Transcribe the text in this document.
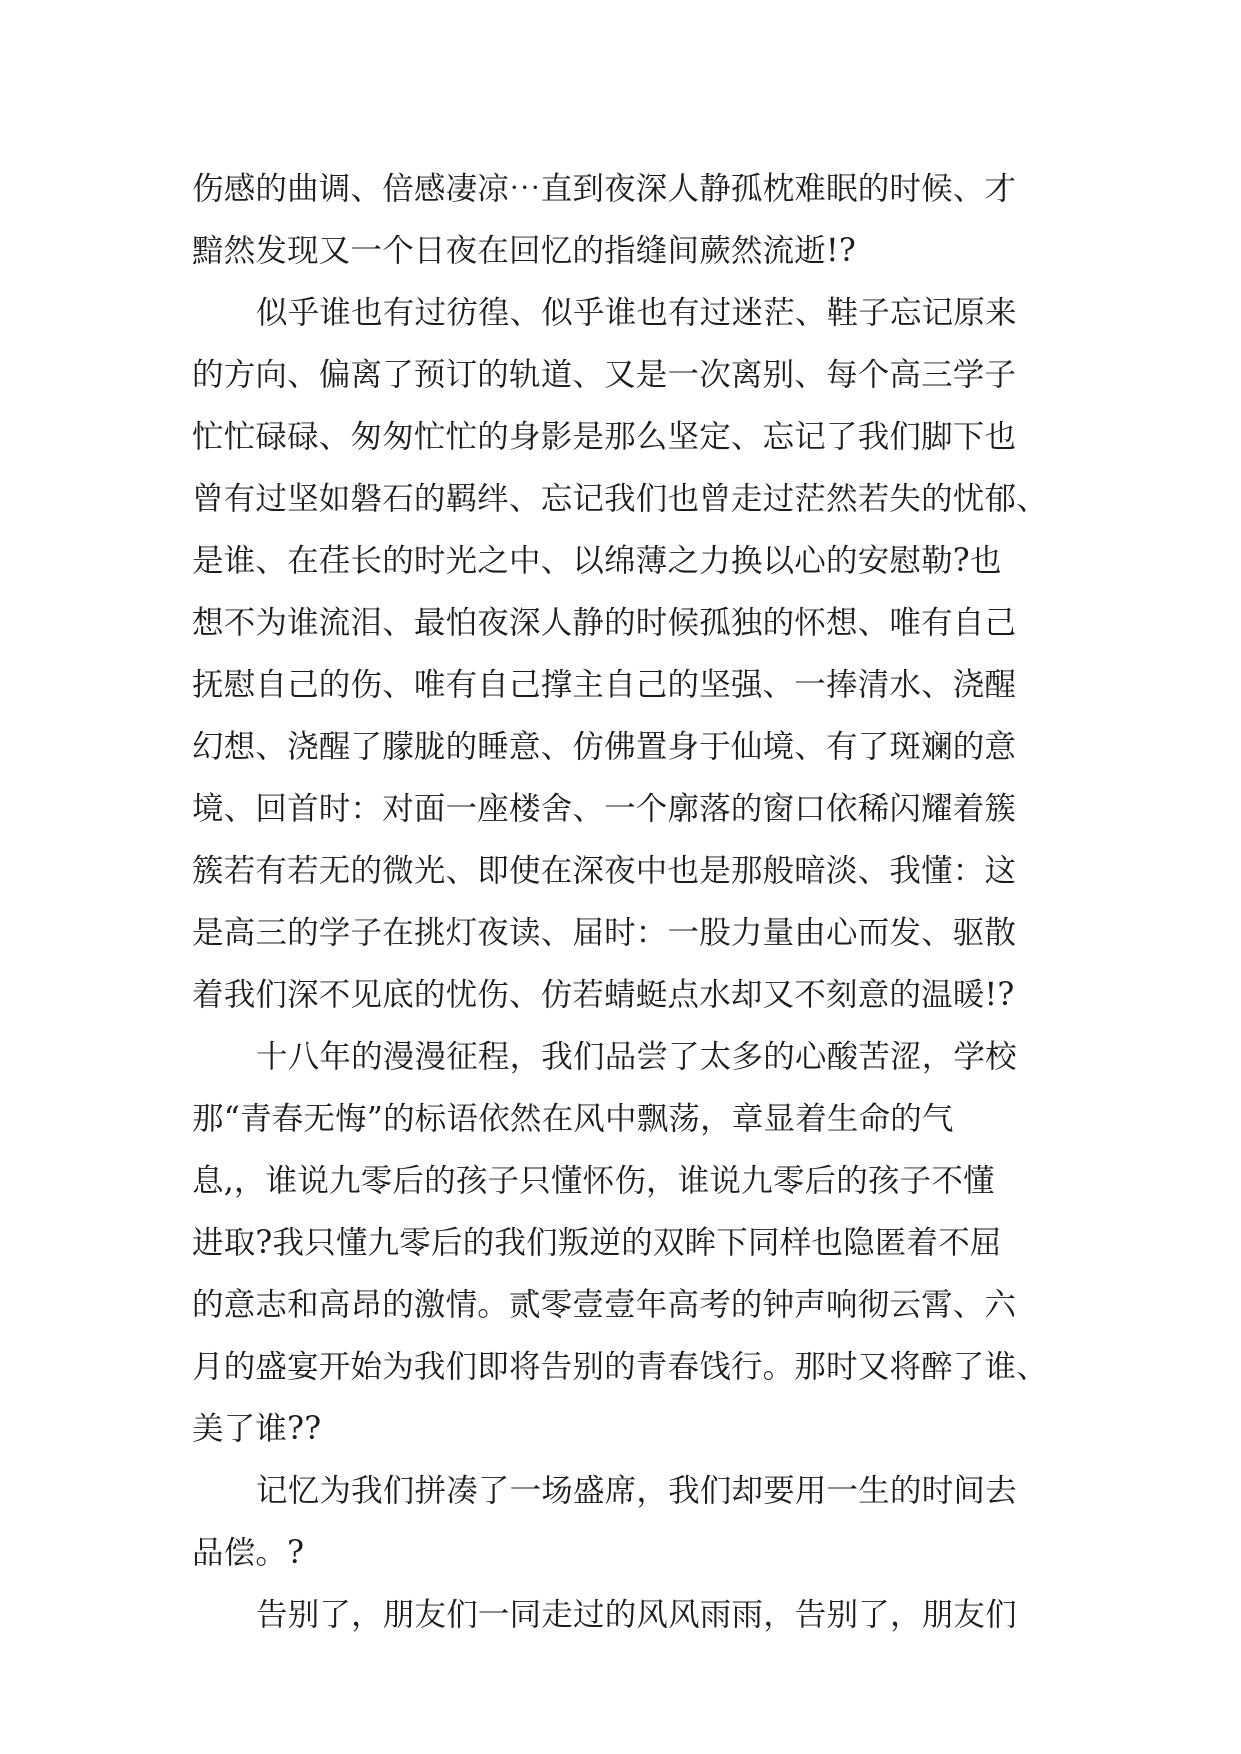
伤感的曲调、倍感凄凉⋯直到夜深人静孤枕难眠的时候、才
黯然发现又一个日夜在回忆的指缝间蕨然流逝!?
似乎谁也有过彷徨、似乎谁也有过迷茫、鞋子忘记原来
的方向、偏离了预订的轨道、又是一次离别、每个高三学子
忙忙碌碌、匆匆忙忙的身影是那么坚定、忘记了我们脚下也
曾有过坚如磐石的羁绊、忘记我们也曾走过茫然若失的忧郁、
是谁、在荏长的时光之中、以绵薄之力换以心的安慰勒?也
想不为谁流泪、最怕夜深人静的时候孤独的怀想、唯有自己
抚慰自己的伤、唯有自己撑主自己的坚强、一捧清水、浇醒
幻想、浇醒了朦胧的睡意、仿佛置身于仙境、有了斑斓的意
境、回首时：对面一座楼舍、一个廓落的窗口依稀闪耀着簇
簇若有若无的微光、即使在深夜中也是那般暗淡、我懂：这
是高三的学子在挑灯夜读、届时：一股力量由心而发、驱散
着我们深不见底的忧伤、仿若蜻蜓点水却又不刻意的温暖!?
十八年的漫漫征程，我们品尝了太多的心酸苦涩，学校
那“青春无悔”的标语依然在风中飘荡，章显着生命的气
息,，谁说九零后的孩子只懂怀伤，谁说九零后的孩子不懂
进取?我只懂九零后的我们叛逆的双眸下同样也隐匿着不屈
的意志和高昂的激情。贰零壹壹年高考的钟声响彻云霄、六
月的盛宴开始为我们即将告别的青春饯行。那时又将醉了谁、
美了谁??
记忆为我们拼凑了一场盛席，我们却要用一生的时间去
品偿。?
告别了，朋友们一同走过的风风雨雨，告别了，朋友们
